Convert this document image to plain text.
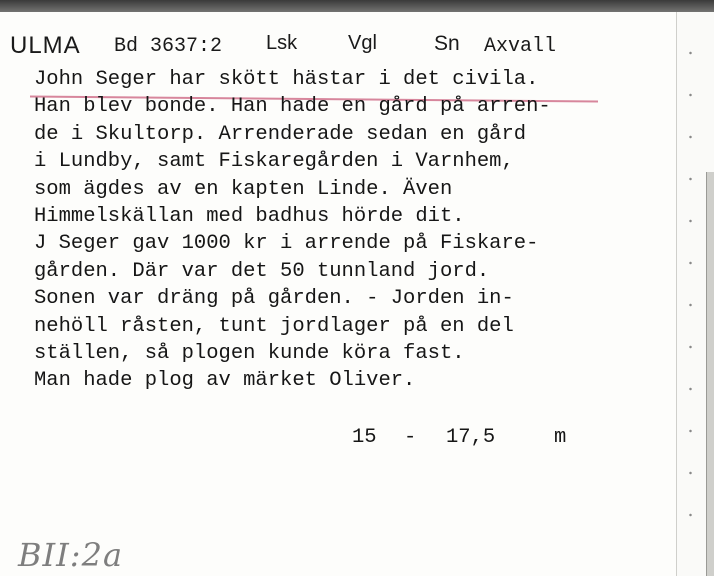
ULMA Bd 3637:2 Lsk	Vgl	Sn Axvall
John Seger har skött hästar i det civila.
Han blev bonde. Han hade en gård på arren-
de i Skultorp. Arrenderade sedan en gård
i Lundby, samt Fiskaregården i Varnhem,
som ägdes av en kapten Linde. Även
Himmelskällan med badhus hörde dit.
J Seger gav 1000 kr i arrende på Fiskare-
gården. Där var det 50 tunnland jord.
Sonen var dräng på gården. - Jorden in-
nehöll råsten, tunt jordlager på en del
ställen, så plogen kunde köra fast.
Man hade plog av märket Oliver.
15 - 17,5	m
BII:2a
